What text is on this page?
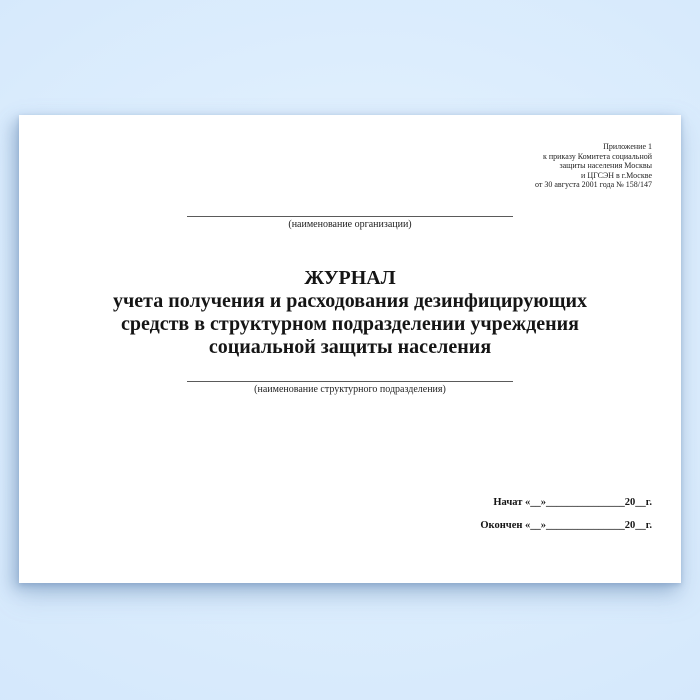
Приложение 1
к приказу Комитета социальной
защиты населения Москвы
и ЦГСЭН в г.Москве
от 30 августа 2001 года № 158/147
(наименование организации)
ЖУРНАЛ
учета получения и расходования дезинфицирующих
средств в структурном подразделении учреждения
социальной защиты населения
(наименование структурного подразделения)
Начат «__»_______________20__г.
Окончен «__»_______________20__г.
